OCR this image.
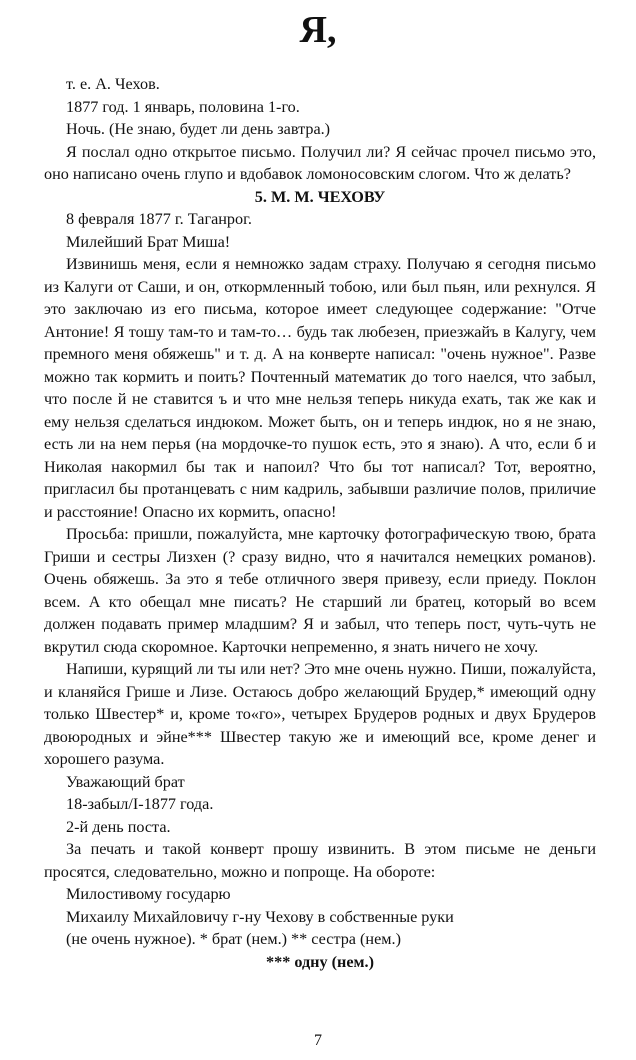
Я,

т. е. А. Чехов.

1877 год. 1 январь, половина 1-го.

Ночь. (Не знаю, будет ли день завтра.)

Я послал одно открытое письмо. Получил ли? Я сейчас прочел письмо это, оно написано очень глупо и вдобавок ломоносовским слогом. Что ж делать?

5. М. М. ЧЕХОВУ

8 февраля 1877 г. Таганрог.

Милейший Брат Миша!

Извинишь меня, если я немножко задам страху. Получаю я сегодня письмо из Калуги от Саши, и он, откормленный тобою, или был пьян, или рехнулся. Я это заключаю из его письма, которое имеет следующее содержание: "Отче Антоние! Я тошу там-то и там-то… будь так любезен, приезжайъ в Калугу, чем премного меня обяжешь" и т. д. А на конверте написал: "очень нужное". Разве можно так кормить и поить? Почтенный математик до того наелся, что забыл, что после й не ставится ъ и что мне нельзя теперь никуда ехать, так же как и ему нельзя сделаться индюком. Может быть, он и теперь индюк, но я не знаю, есть ли на нем перья (на мордочке-то пушок есть, это я знаю). А что, если б и Николая накормил бы так и напоил? Что бы тот написал? Тот, вероятно, пригласил бы протанцевать с ним кадриль, забывши различие полов, приличие и расстояние! Опасно их кормить, опасно!

Просьба: пришли, пожалуйста, мне карточку фотографическую твою, брата Гриши и сестры Лизхен (? сразу видно, что я начитался немецких романов). Очень обяжешь. За это я тебе отличного зверя привезу, если приеду. Поклон всем. А кто обещал мне писать? Не старший ли братец, который во всем должен подавать пример младшим? Я и забыл, что теперь пост, чуть-чуть не вкрутил сюда скоромное. Карточки непременно, я знать ничего не хочу.

Напиши, курящий ли ты или нет? Это мне очень нужно. Пиши, пожалуйста, и кланяйся Грише и Лизе. Остаюсь добро желающий Брудер,* имеющий одну только Швестер* и, кроме то«го», четырех Брудеров родных и двух Брудеров двоюродных и эйне*** Швестер такую же и имеющий все, кроме денег и хорошего разума.

Уважающий брат

18-забыл/I-1877 года.

2-й день поста.

За печать и такой конверт прошу извинить. В этом письме не деньги просятся, следовательно, можно и попроще. На обороте:

Милостивому государю

Михаилу Михайловичу г-ну Чехову в собственные руки

(не очень нужное). * брат (нем.) ** сестра (нем.)

*** одну (нем.)

7
